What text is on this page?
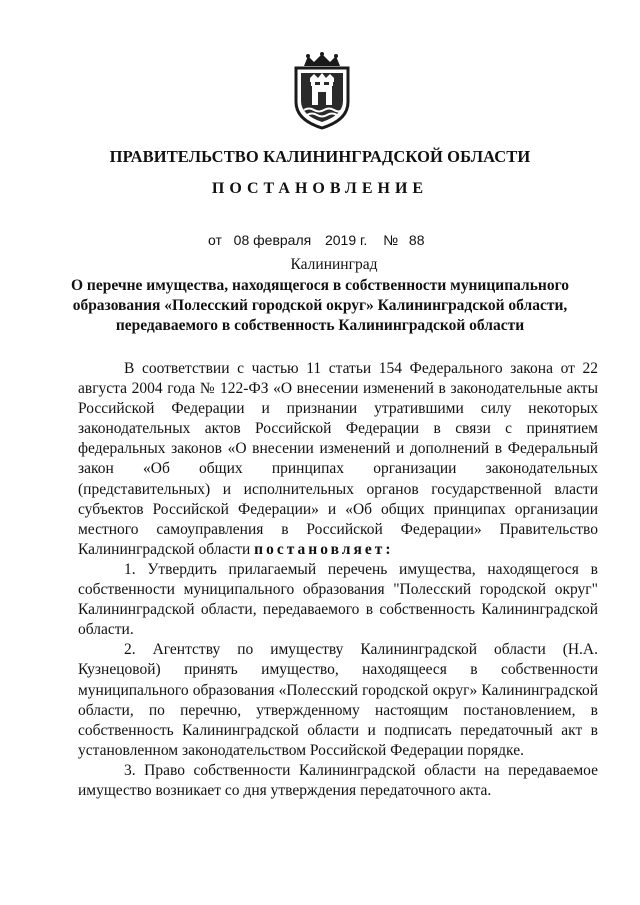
ПРАВИТЕЛЬСТВО КАЛИНИНГРАДСКОЙ ОБЛАСТИ
ПОСТАНОВЛЕНИЕ
от 08 февраля 2019 г. № 88
Калининград
О перечне имущества, находящегося в собственности муниципального образования «Полесский городской округ» Калининградской области, передаваемого в собственность Калининградской области

В соответствии с частью 11 статьи 154 Федерального закона от 22 августа 2004 года № 122-ФЗ «О внесении изменений в законодательные акты Российской Федерации и признании утратившими силу некоторых законодательных актов Российской Федерации в связи с принятием федеральных законов «О внесении изменений и дополнений в Федеральный закон «Об общих принципах организации законодательных (представительных) и исполнительных органов государственной власти субъектов Российской Федерации» и «Об общих принципах организации местного самоуправления в Российской Федерации» Правительство Калининградской области постановляет:

1. Утвердить прилагаемый перечень имущества, находящегося в собственности муниципального образования "Полесский городской округ" Калининградской области, передаваемого в собственность Калининградской области.

2. Агентству по имуществу Калининградской области (Н.А. Кузнецовой) принять имущество, находящееся в собственности муниципального образования «Полесский городской округ» Калининградской области, по перечню, утвержденному настоящим постановлением, в собственность Калининградской области и подписать передаточный акт в установленном законодательством Российской Федерации порядке.

3. Право собственности Калининградской области на передаваемое имущество возникает со дня утверждения передаточного акта.
